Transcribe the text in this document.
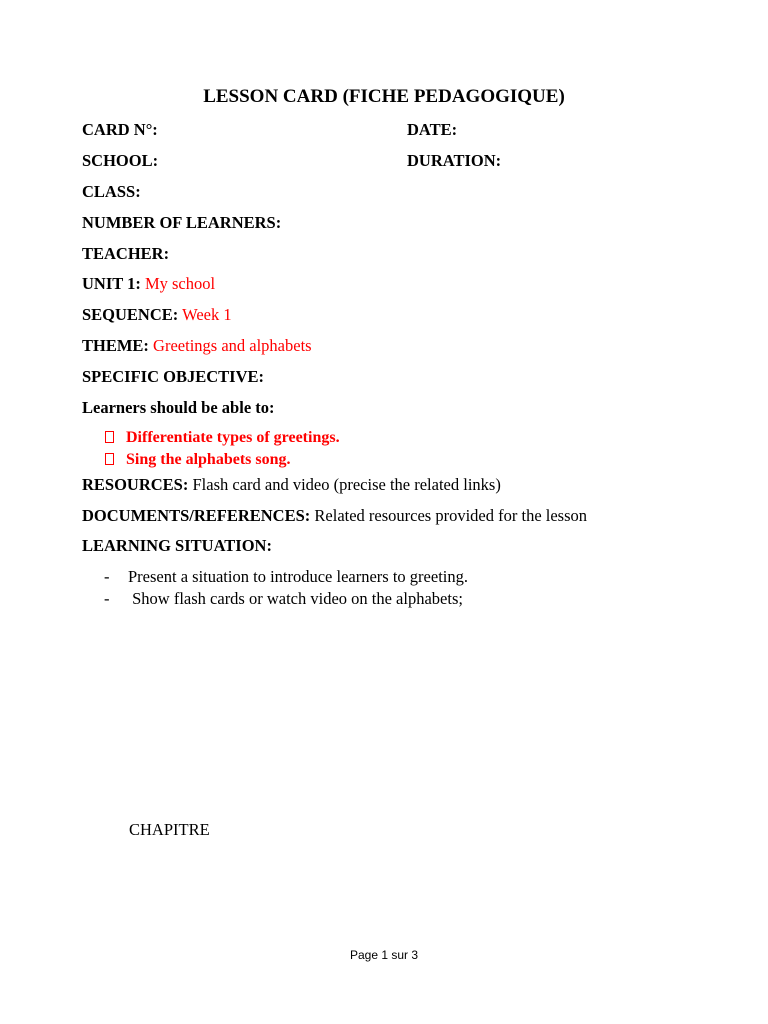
LESSON CARD (FICHE PEDAGOGIQUE)
CARD N°:	DATE:
SCHOOL:	DURATION:
CLASS:
NUMBER OF LEARNERS:
TEACHER:
UNIT 1: My school
SEQUENCE: Week 1
THEME: Greetings and alphabets
SPECIFIC OBJECTIVE:
Learners should be able to:
Differentiate types of greetings.
Sing the alphabets song.
RESOURCES: Flash card and video (precise the related links)
DOCUMENTS/REFERENCES: Related resources provided for the lesson
LEARNING SITUATION:
- Present a situation to introduce learners to greeting.
- Show flash cards or watch video on the alphabets;
CHAPITRE
Page 1 sur 3
